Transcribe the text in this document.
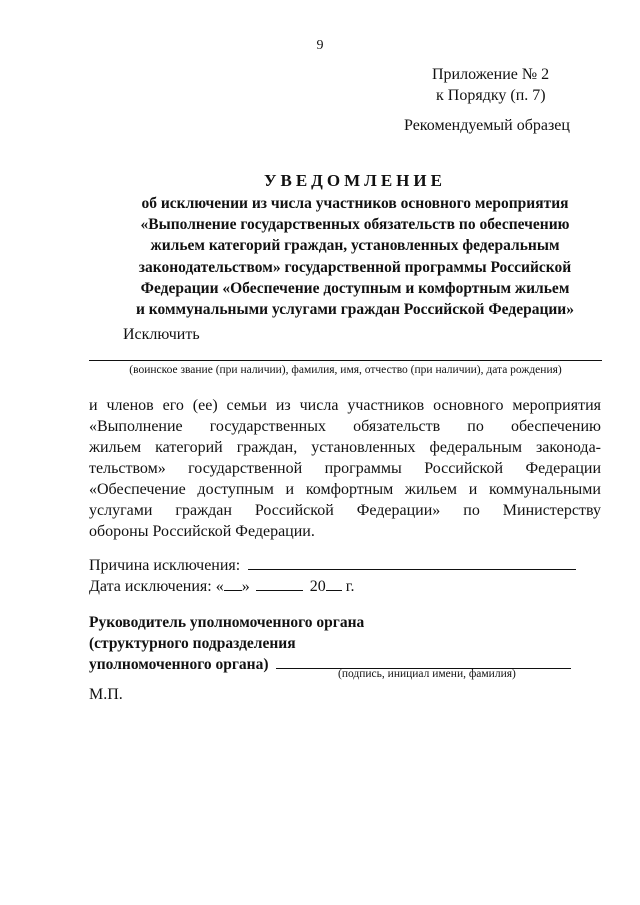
9
Приложение № 2
к Порядку (п. 7)
Рекомендуемый образец
УВЕДОМЛЕНИЕ
об исключении из числа участников основного мероприятия
«Выполнение государственных обязательств по обеспечению
жильем категорий граждан, установленных федеральным
законодательством» государственной программы Российской
Федерации «Обеспечение доступным и комфортным жильем
и коммунальными услугами граждан Российской Федерации»
Исключить
(воинское звание (при наличии), фамилия, имя, отчество (при наличии), дата рождения)
и членов его (ее) семьи из числа участников основного мероприятия
«Выполнение государственных обязательств по обеспечению
жильем категорий граждан, установленных федеральным законода-
тельством» государственной программы Российской Федерации
«Обеспечение доступным и комфортным жильем и коммунальными
услугами граждан Российской Федерации» по Министерству
обороны Российской Федерации.
Причина исключения:
Дата исключения: « »	20 г.
Руководитель уполномоченного органа
(структурного подразделения
уполномоченного органа)
(подпись, инициал имени, фамилия)
М.П.
